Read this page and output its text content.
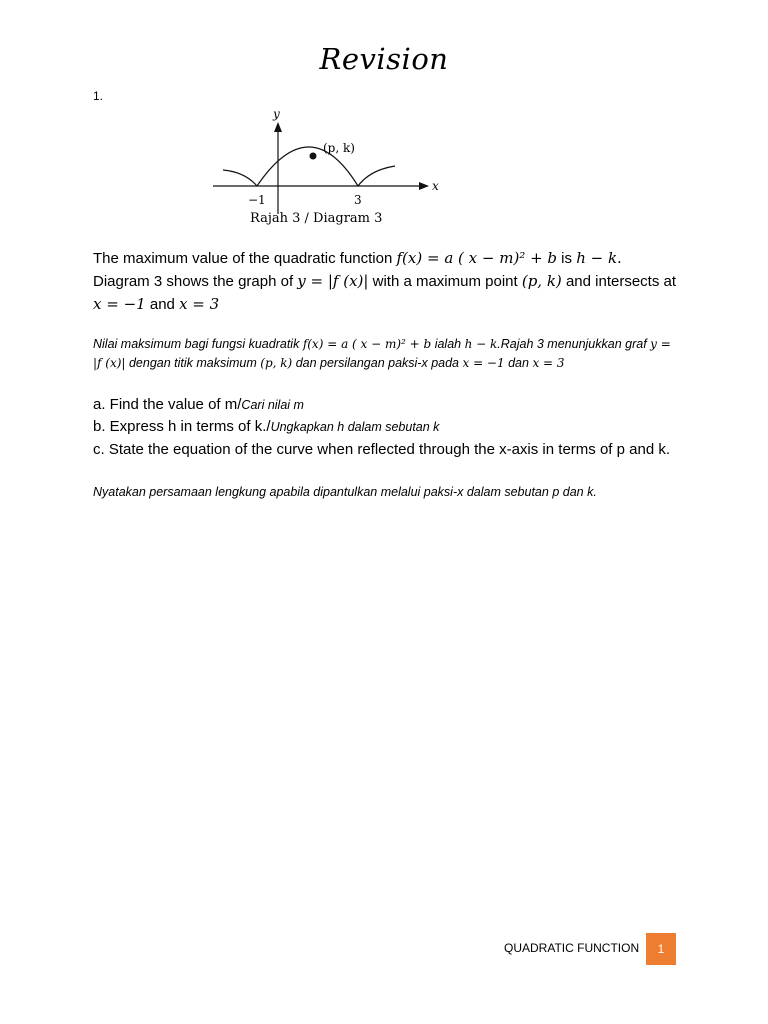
Revision
1.
y
x
(p, k)
−1	3
Rajah 3 / Diagram 3
The maximum value of the quadratic function f(x) = a ( x − m)² + b is h − k.
Diagram 3 shows the graph of y = |f (x)| with a maximum point (p, k) and intersects at x = −1 and x = 3
Nilai maksimum bagi fungsi kuadratik f(x) = a ( x − m)² + b ialah h − k.Rajah 3 menunjukkan graf y = |f (x)| dengan titik maksimum (p, k) dan persilangan paksi-x pada x = −1 dan x = 3
a. Find the value of m/Cari nilai m
b. Express h in terms of k./Ungkapkan h dalam sebutan k
c. State the equation of the curve when reflected through the x-axis in terms of p and k.
Nyatakan persamaan lengkung apabila dipantulkan melalui paksi-x dalam sebutan p dan k.
QUADRATIC FUNCTION	1
